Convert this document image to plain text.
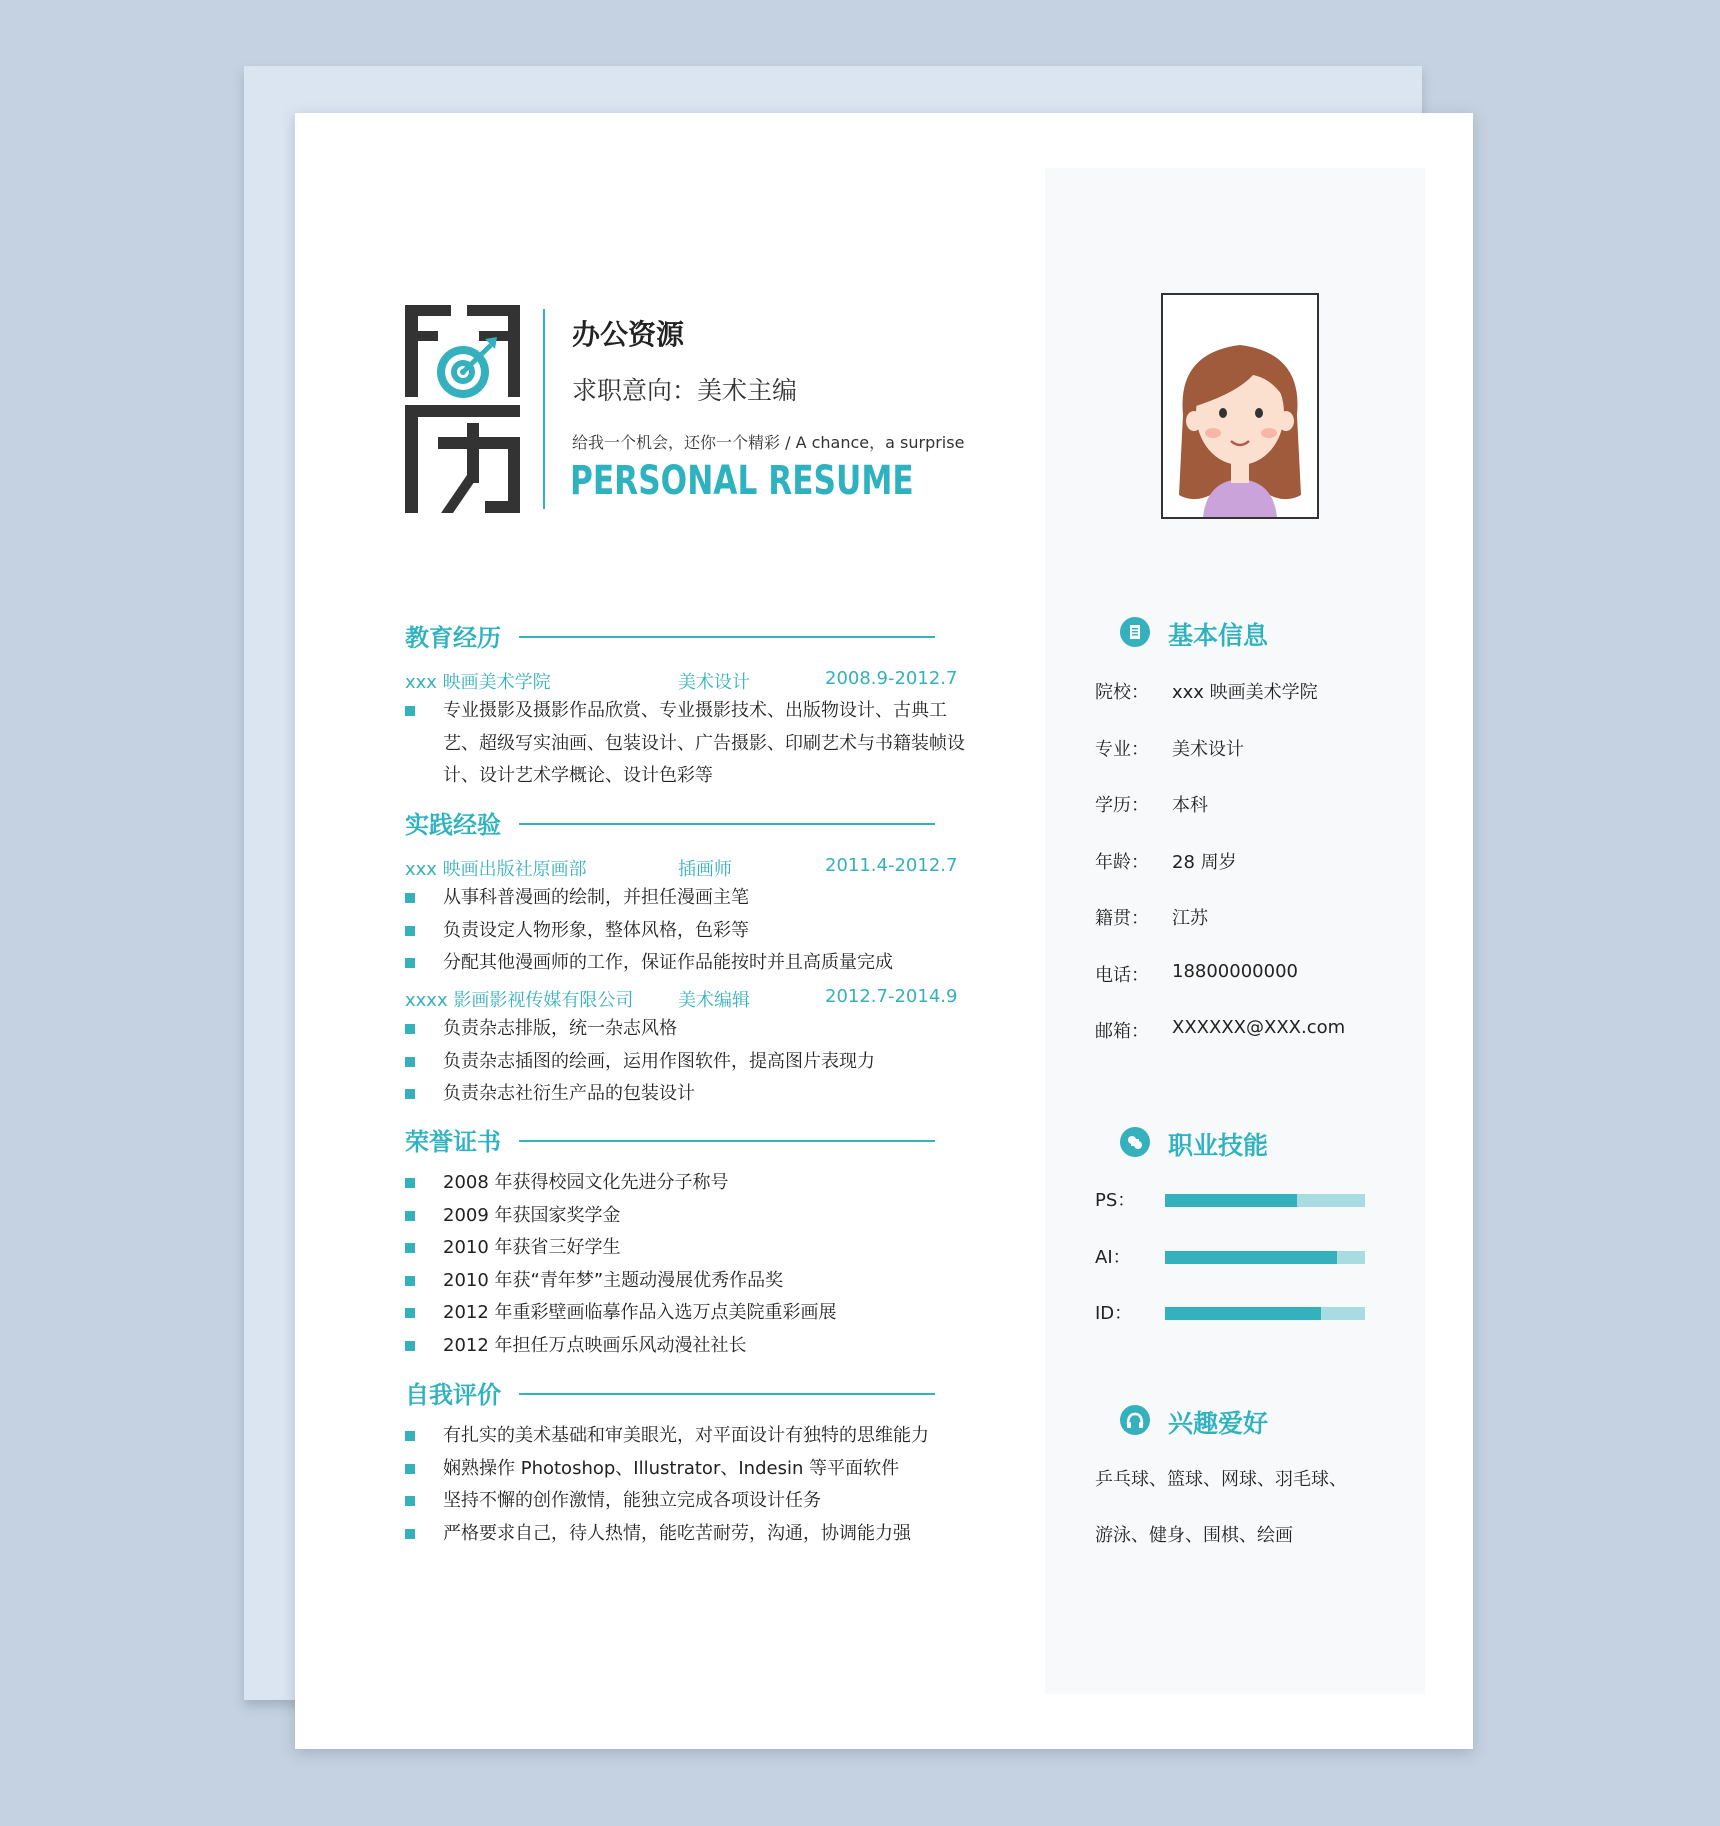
办公资源
求职意向：美术主编
给我一个机会，还你一个精彩 / A chance，a surprise
PERSONAL RESUME
教育经历
xxx 映画美术学院	美术设计	2008.9-2012.7
专业摄影及摄影作品欣赏、专业摄影技术、出版物设计、古典工艺、超级写实油画、包装设计、广告摄影、印刷艺术与书籍装帧设计、设计艺术学概论、设计色彩等
实践经验
xxx 映画出版社原画部	插画师	2011.4-2012.7
从事科普漫画的绘制，并担任漫画主笔
负责设定人物形象，整体风格，色彩等
分配其他漫画师的工作，保证作品能按时并且高质量完成
xxxx 影画影视传媒有限公司 美术编辑	2012.7-2014.9
负责杂志排版，统一杂志风格
负责杂志插图的绘画，运用作图软件，提高图片表现力
负责杂志社衍生产品的包装设计
荣誉证书
2008 年获得校园文化先进分子称号
2009 年获国家奖学金
2010 年获省三好学生
2010 年获“青年梦”主题动漫展优秀作品奖
2012 年重彩壁画临摹作品入选万点美院重彩画展
2012 年担任万点映画乐风动漫社社长
自我评价
有扎实的美术基础和审美眼光，对平面设计有独特的思维能力
娴熟操作 Photoshop、Illustrator、Indesin 等平面软件
坚持不懈的创作激情，能独立完成各项设计任务
严格要求自己，待人热情，能吃苦耐劳，沟通，协调能力强
基本信息
院校： xxx 映画美术学院
专业： 美术设计
学历： 本科
年龄： 28 周岁
籍贯： 江苏
电话： 18800000000
邮箱： XXXXXX@XXX.com
职业技能
PS：
AI：
ID：
兴趣爱好
乒乓球、篮球、网球、羽毛球、
游泳、健身、围棋、绘画
